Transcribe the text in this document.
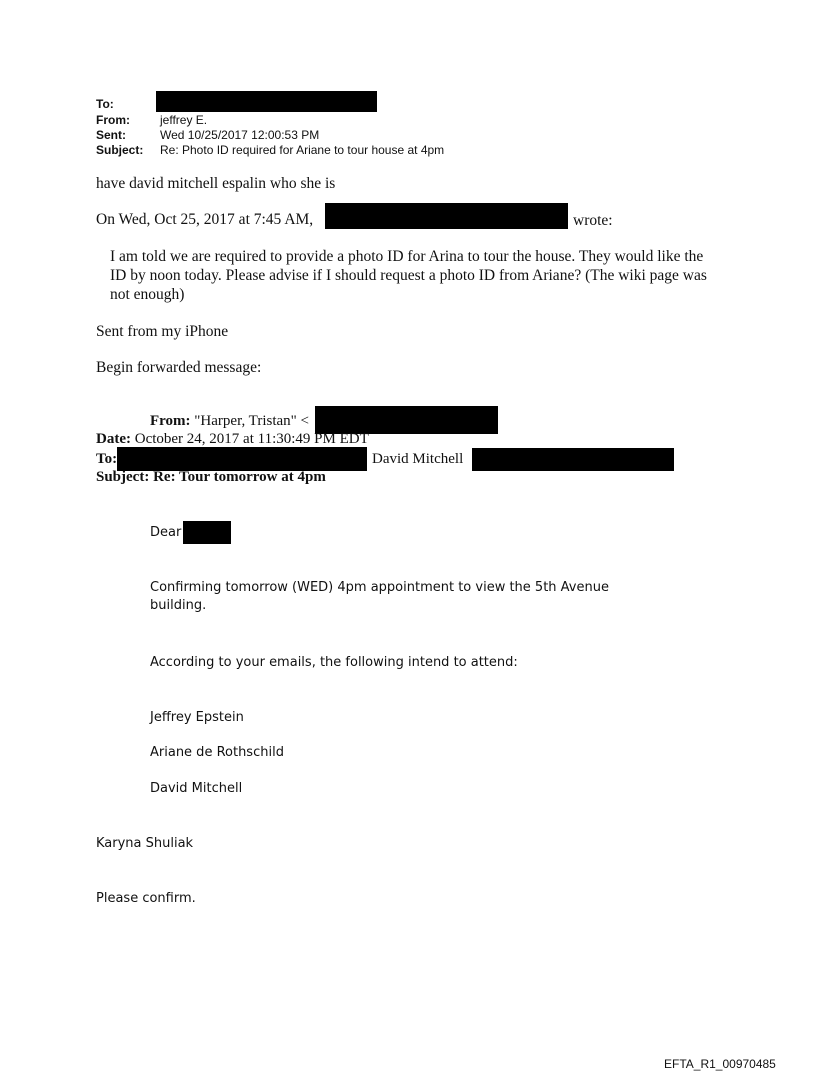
To:
From:	jeffrey E.
Sent:	Wed 10/25/2017 12:00:53 PM
Subject: Re: Photo ID required for Ariane to tour house at 4pm
have david mitchell espalin who she is
On Wed, Oct 25, 2017 at 7:45 AM,	wrote:
I am told we are required to provide a photo ID for Arina to tour the house. They would like the ID by noon today. Please advise if I should request a photo ID from Ariane? (The wiki page was not enough)
Sent from my iPhone
Begin forwarded message:
From: "Harper, Tristan" <
Date: October 24, 2017 at 11:30:49 PM EDT
To:	David Mitchell
Subject: Re: Tour tomorrow at 4pm
Dear
Confirming tomorrow (WED) 4pm appointment to view the 5th Avenue building.
According to your emails, the following intend to attend:
Jeffrey Epstein
Ariane de Rothschild
David Mitchell
Karyna Shuliak
Please confirm.
EFTA_R1_00970485
